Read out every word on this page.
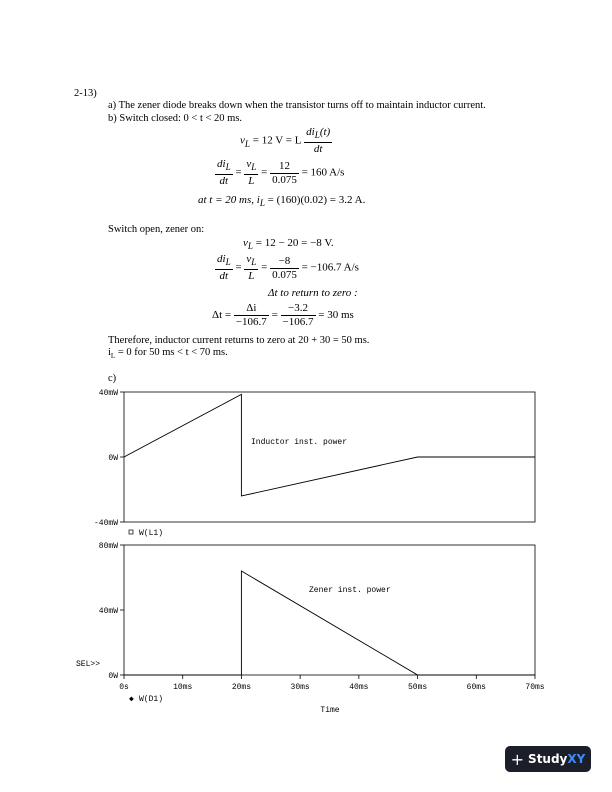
2-13)
a) The zener diode breaks down when the transistor turns off to maintain inductor current.
b) Switch closed: 0 < t < 20 ms.
$v_L = 12$ V = L $\frac{di_L(t)}{dt}$
$\frac{di_L}{dt} = \frac{v_L}{L} = \frac{12}{0.075} = 160$ A/s
at t = 20 ms, $i_L = (160)(0.02) = 3.2$ A.
Switch open, zener on:
$v_L = 12 - 20 = -8$ V.
$\frac{di_L}{dt} = \frac{v_L}{L} = \frac{-8}{0.075} = -106.7$ A/s
Δt to return to zero :
$\Delta t = \frac{\Delta i}{-106.7} = \frac{-3.2}{-106.7} = 30$ ms
Therefore, inductor current returns to zero at 20 + 30 = 50 ms.
$i_L = 0$ for 50 ms < t < 70 ms.
c)
40mW
0W
-40mW
Inductor inst. power
W(L1)
80mW
40mW
0W
SEL>>
0s	10ms	20ms	30ms	40ms	50ms	60ms	70ms
Zener inst. power
◆ W(D1)
Time
+ StudyXY
